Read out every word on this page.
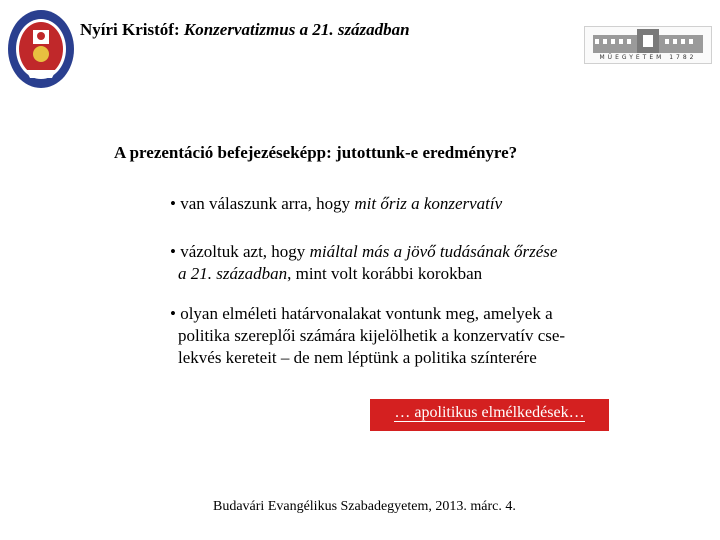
Nyíri Kristóf: Konzervatizmus a 21. században
MŰEGYETEM 1782
A prezentáció befejezéseképp: jutottunk-e eredményre?
• van válaszunk arra, hogy mit őriz a konzervatív
• vázoltuk azt, hogy miáltal más a jövő tudásának őrzése
a 21. században, mint volt korábbi korokban
• olyan elméleti határvonalakat vontunk meg, amelyek a
politika szereplői számára kijelölhetik a konzervatív cse-
lekvés kereteit – de nem léptünk a politika színterére
… apolitikus elmélkedések…
Budavári Evangélikus Szabadegyetem, 2013. márc. 4.
